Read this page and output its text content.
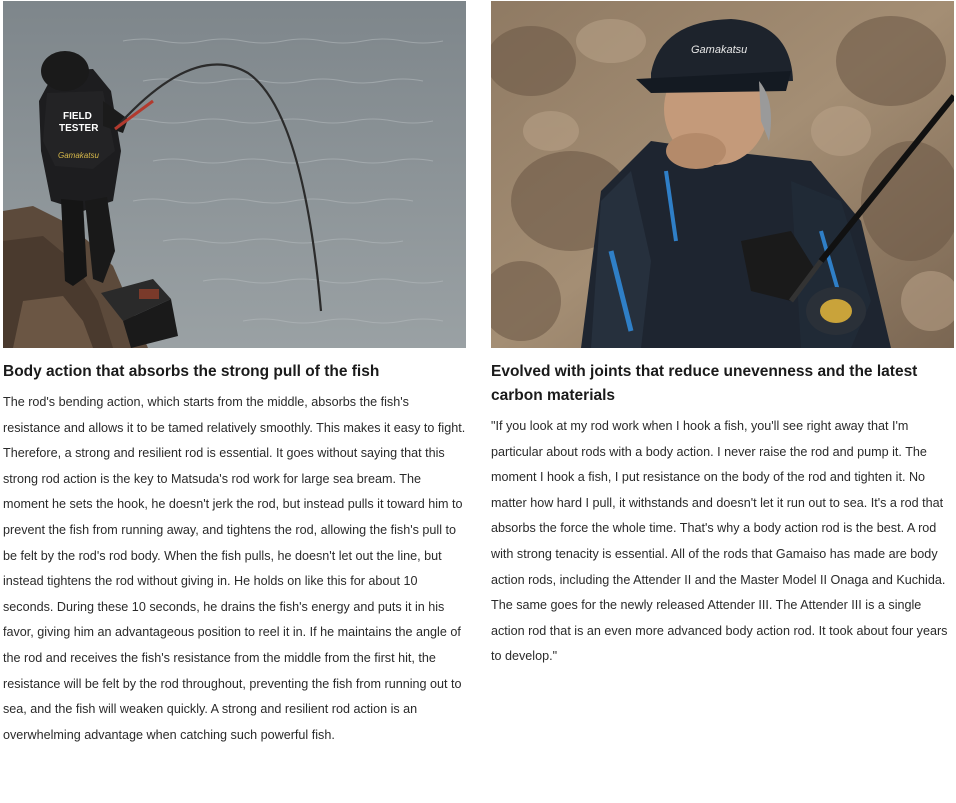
FIELD
TESTER
Gamakatsu
Body action that absorbs the strong pull of the fish

The rod's bending action, which starts from the middle, absorbs the fish's resistance and allows it to be tamed relatively smoothly. This makes it easy to fight. Therefore, a strong and resilient rod is essential. It goes without saying that this strong rod action is the key to Matsuda's rod work for large sea bream. The moment he sets the hook, he doesn't jerk the rod, but instead pulls it toward him to prevent the fish from running away, and tightens the rod, allowing the fish's pull to be felt by the rod's rod body. When the fish pulls, he doesn't let out the line, but instead tightens the rod without giving in. He holds on like this for about 10 seconds. During these 10 seconds, he drains the fish's energy and puts it in his favor, giving him an advantageous position to reel it in. If he maintains the angle of the rod and receives the fish's resistance from the middle from the first hit, the resistance will be felt by the rod throughout, preventing the fish from running out to sea, and the fish will weaken quickly. A strong and resilient rod action is an overwhelming advantage when catching such powerful fish.

Gamakatsu
Evolved with joints that reduce unevenness and the latest carbon materials

"If you look at my rod work when I hook a fish, you'll see right away that I'm particular about rods with a body action. I never raise the rod and pump it. The moment I hook a fish, I put resistance on the body of the rod and tighten it. No matter how hard I pull, it withstands and doesn't let it run out to sea. It's a rod that absorbs the force the whole time. That's why a body action rod is the best. A rod with strong tenacity is essential. All of the rods that Gamaiso has made are body action rods, including the Attender II and the Master Model II Onaga and Kuchida. The same goes for the newly released Attender III. The Attender III is a single action rod that is an even more advanced body action rod. It took about four years to develop."
